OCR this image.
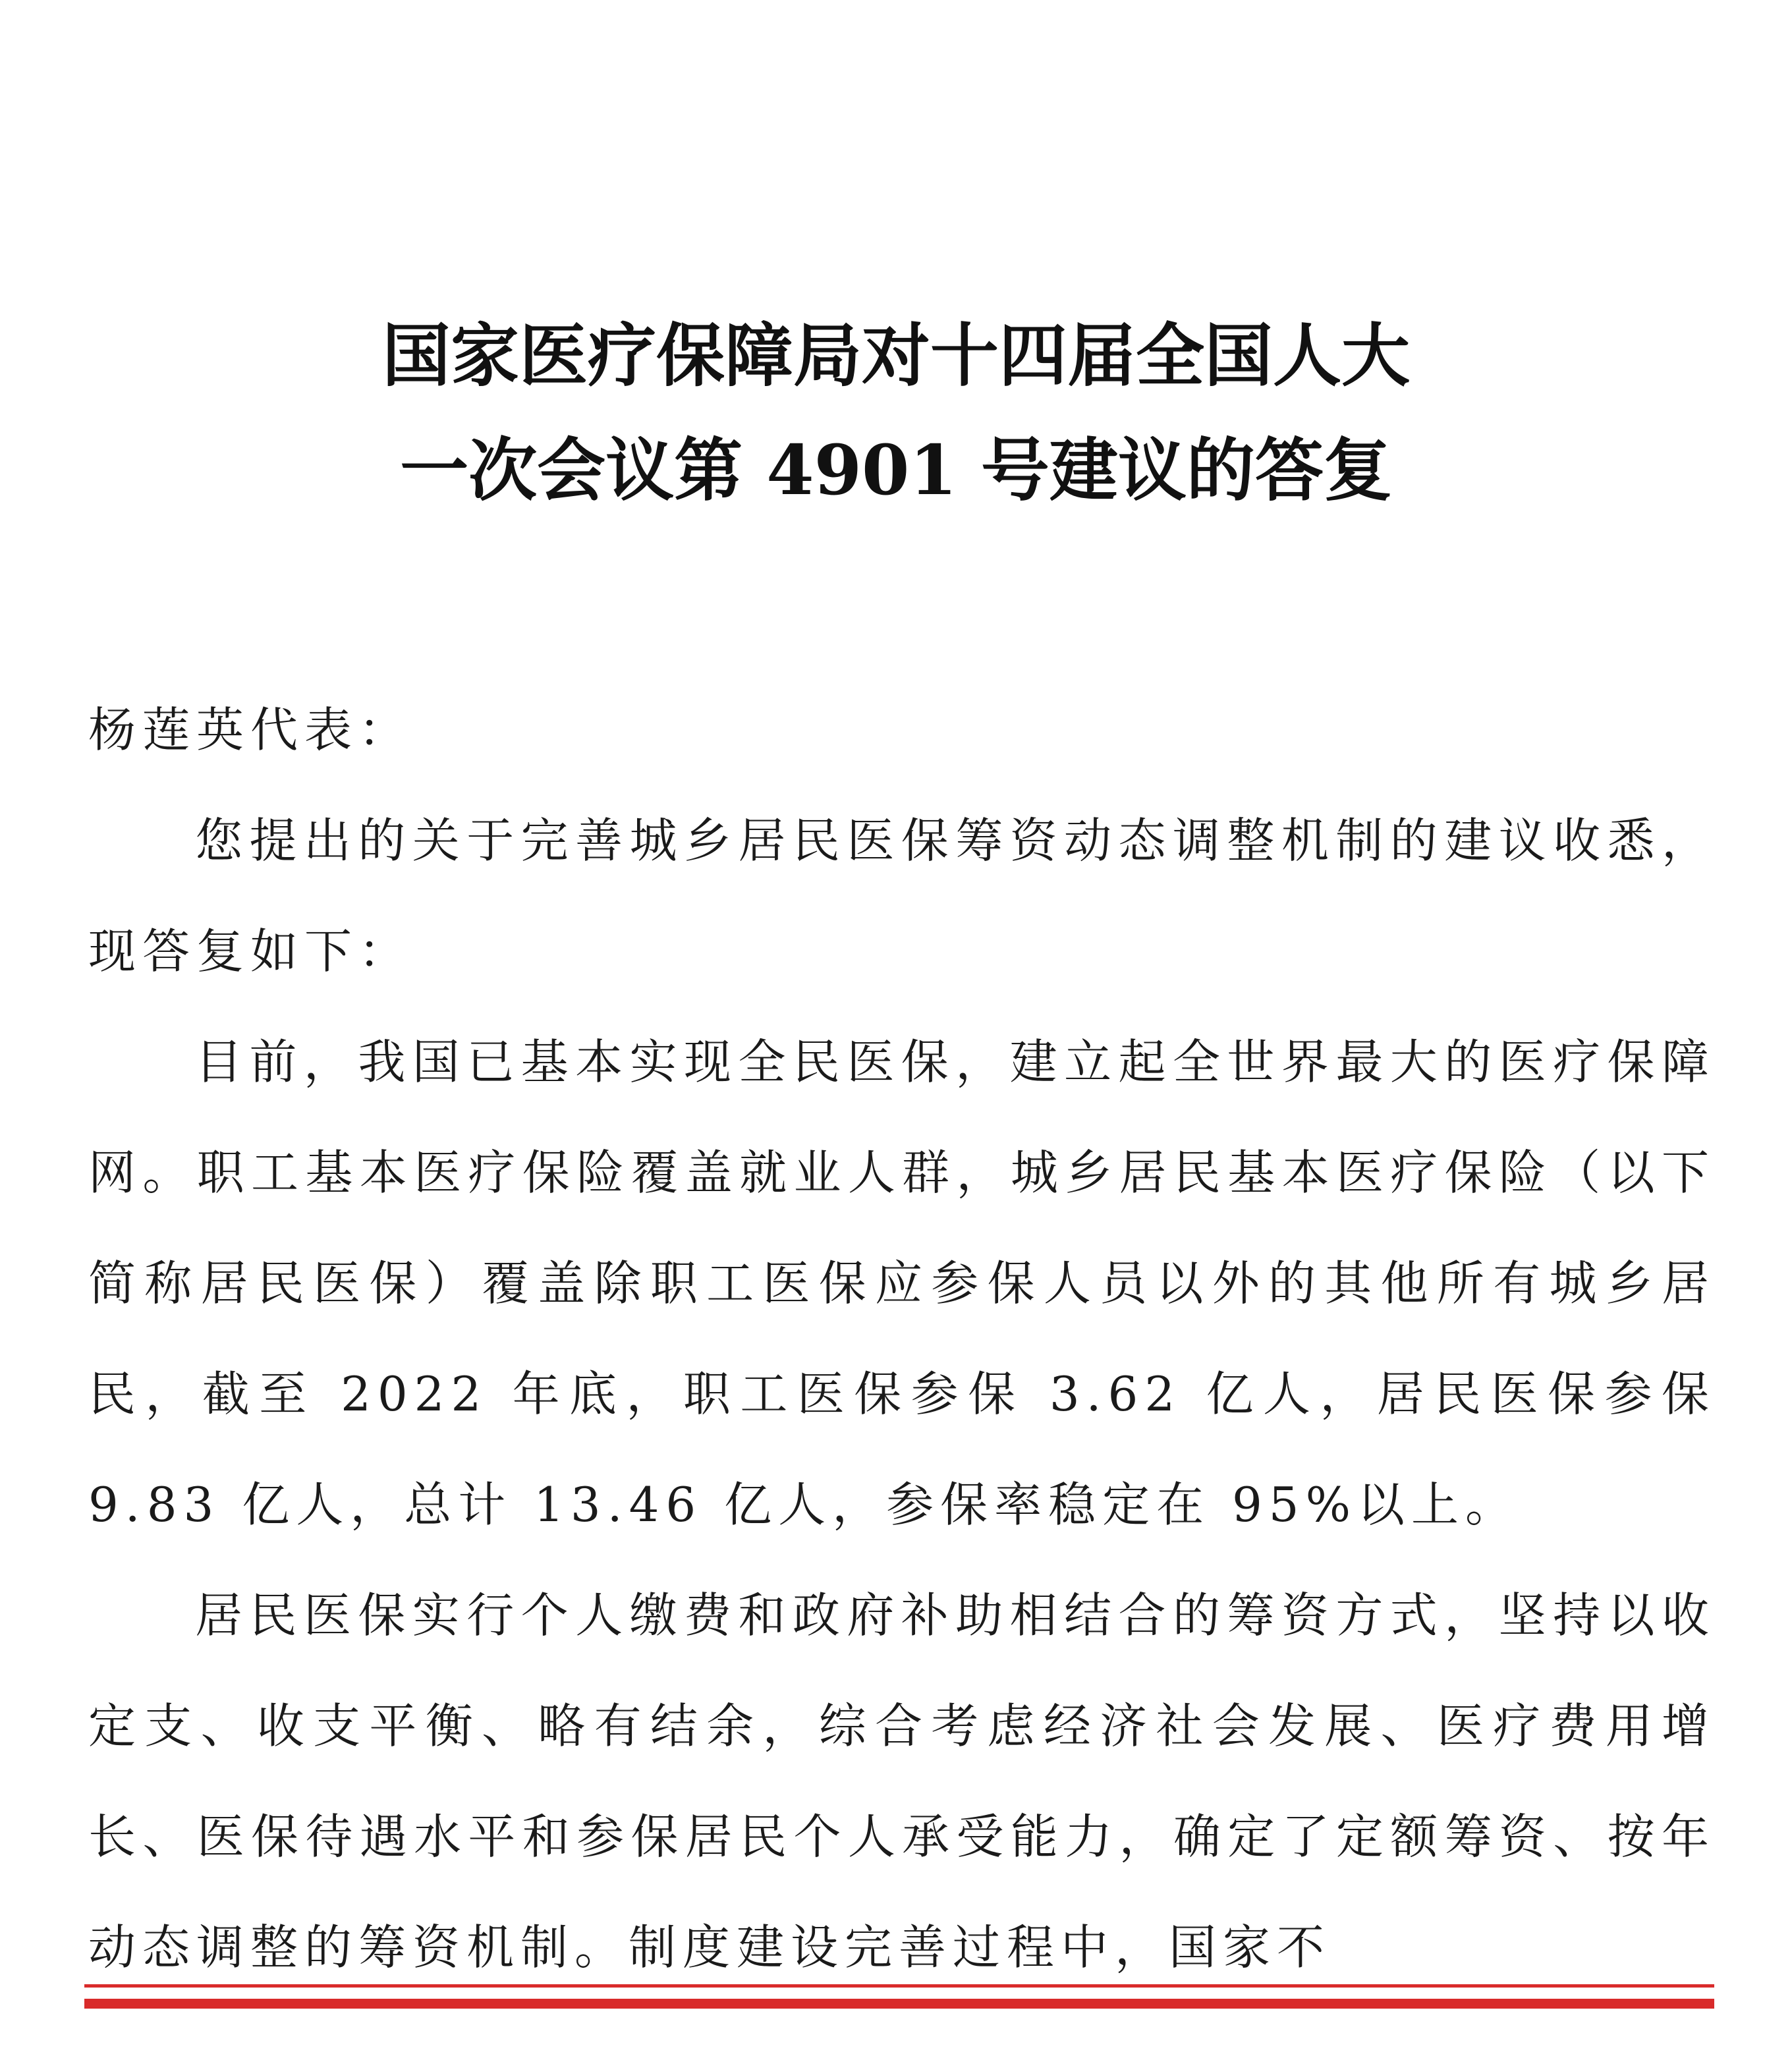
国家医疗保障局对十四届全国人大
一次会议第 4901 号建议的答复

杨莲英代表：

您提出的关于完善城乡居民医保筹资动态调整机制的建议收悉，现答复如下：

目前，我国已基本实现全民医保，建立起全世界最大的医疗保障网。职工基本医疗保险覆盖就业人群，城乡居民基本医疗保险（以下简称居民医保）覆盖除职工医保应参保人员以外的其他所有城乡居民，截至 2022 年底，职工医保参保 3.62 亿人，居民医保参保 9.83 亿人，总计 13.46 亿人，参保率稳定在 95%以上。

居民医保实行个人缴费和政府补助相结合的筹资方式，坚持以收定支、收支平衡、略有结余，综合考虑经济社会发展、医疗费用增长、医保待遇水平和参保居民个人承受能力，确定了定额筹资、按年动态调整的筹资机制。制度建设完善过程中，国家不
